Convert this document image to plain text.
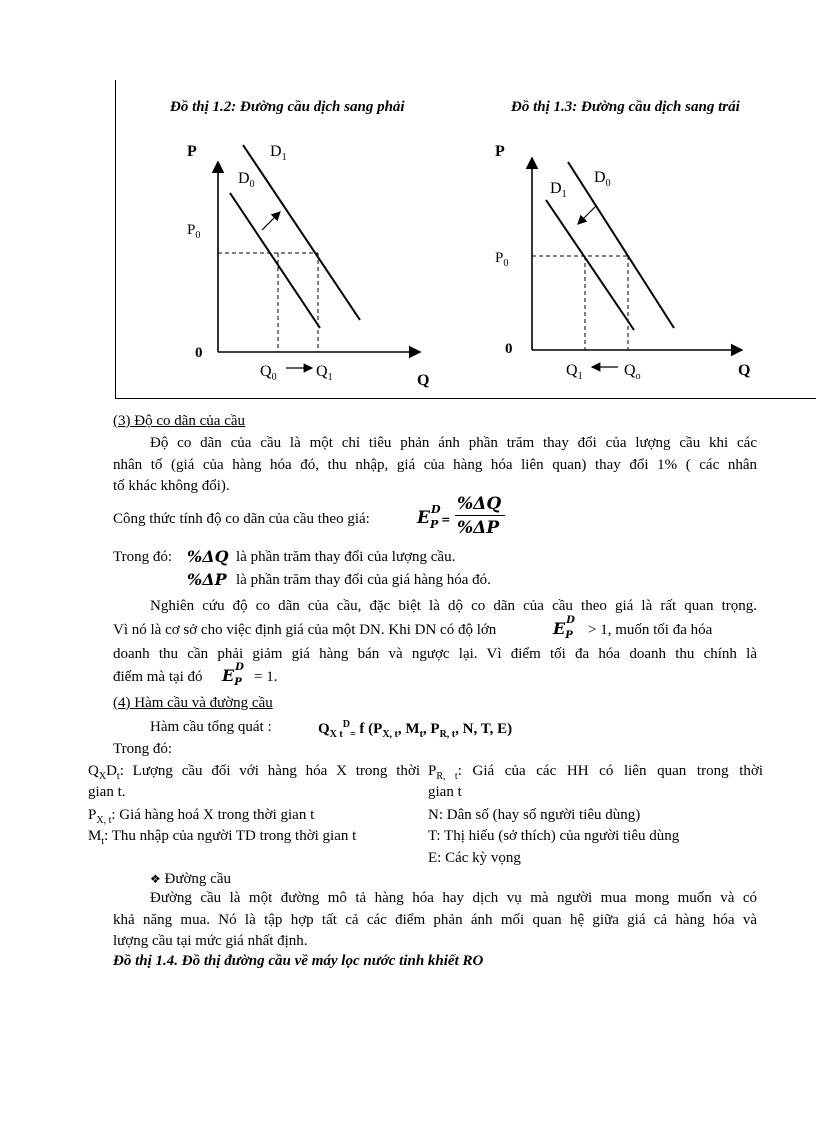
Đồ thị 1.2: Đường cầu dịch sang phải	Đồ thị 1.3: Đường cầu dịch sang trái
P
$P_0$
0
$D_1$
$D_0$
$Q_0$ $Q_1$	Q
P
$P_0$
0
$D_0$
$D_1$
$Q_1$	$Q_o$	Q
(3) Độ co dãn của cầu
Độ co dãn của cầu là một chỉ tiêu phản ánh phần trăm thay đổi của lượng cầu khi các
nhân tố (giá của hàng hóa đó, thu nhập, giá của hàng hóa liên quan) thay đổi 1% ( các nhân
tố khác không đổi).
Công thức tính độ co dãn của cầu theo giá:	E D
$_P$ =
%ΔQ
%ΔP
Trong đó: %ΔQ là phần trăm thay đổi của lượng cầu.
%ΔP là phần trăm thay đổi của giá hàng hóa đó.
Nghiên cứu độ co dãn của cầu, đặc biệt là dộ co dãn của cầu theo giá là rất quan trọng.
Vì nó là cơ sở cho việc định giá của một DN. Khi DN có độ lớn	E D
$_P$ > 1, muốn tối đa hóa
doanh thu cần phải giảm giá hàng bán và ngược lại. Vì điểm tối đa hóa doanh thu chính là
điểm mà tại đó E D
$_P$ = 1.
(4) Hàm cầu và đường cầu
Hàm cầu tổng quát :	$Q_{X t}^D_=$ f ($P_{X, t}$, $M_t$, $P_{R, t}$, N, T, E)
Trong đó:
$Q_XD_t$: Lượng cầu đối với hàng hóa X trong thời
gian t.
$P_{X, t}$: Giá hàng hoá X trong thời gian t
$M_t$: Thu nhập của người TD trong thời gian t
$P_{R, t}$: Giá của các HH có liên quan trong thời
gian t
N: Dân số (hay số người tiêu dùng)
T: Thị hiếu (sở thích) của người tiêu dùng
E: Các kỳ vọng
❖ Đường cầu
Đường cầu là một đường mô tả hàng hóa hay dịch vụ mà người mua mong muốn và có
khả năng mua. Nó là tập hợp tất cả các điểm phản ánh mối quan hệ giữa giá cả hàng hóa và
lượng cầu tại mức giá nhất định.
Đồ thị 1.4. Đồ thị đường cầu về máy lọc nước tinh khiết RO
